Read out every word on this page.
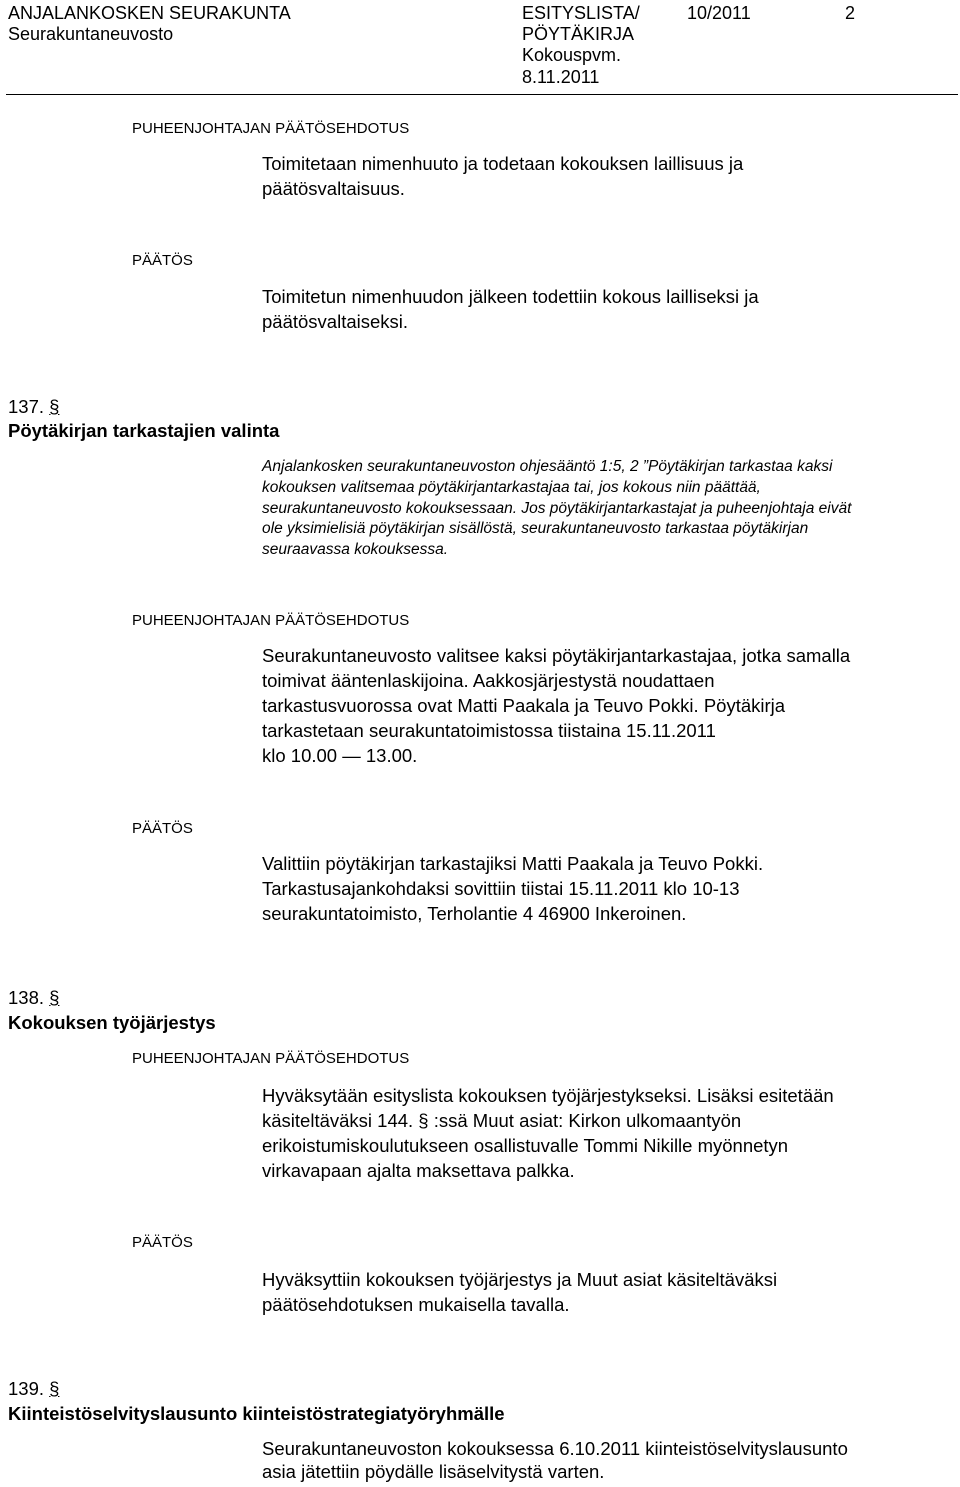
ANJALANKOSKEN SEURAKUNTA
Seurakuntaneuvosto
ESITYSLISTA/
PÖYTÄKIRJA
Kokouspvm.
8.11.2011
10/2011	2
PUHEENJOHTAJAN PÄÄTÖSEHDOTUS
Toimitetaan nimenhuuto ja todetaan kokouksen laillisuus ja
päätösvaltaisuus.
PÄÄTÖS
Toimitetun nimenhuudon jälkeen todettiin kokous lailliseksi ja
päätösvaltaiseksi.
137. §
Pöytäkirjan tarkastajien valinta
Anjalankosken seurakuntaneuvoston ohjesääntö 1:5, 2 ”Pöytäkirjan tarkastaa kaksi
kokouksen valitsemaa pöytäkirjantarkastajaa tai, jos kokous niin päättää,
seurakuntaneuvosto kokouksessaan. Jos pöytäkirjantarkastajat ja puheenjohtaja eivät
ole yksimielisiä pöytäkirjan sisällöstä, seurakuntaneuvosto tarkastaa pöytäkirjan
seuraavassa kokouksessa.
PUHEENJOHTAJAN PÄÄTÖSEHDOTUS
Seurakuntaneuvosto valitsee kaksi pöytäkirjantarkastajaa, jotka samalla
toimivat ääntenlaskijoina. Aakkosjärjestystä noudattaen
tarkastusvuorossa ovat Matti Paakala ja Teuvo Pokki. Pöytäkirja
tarkastetaan seurakuntatoimistossa tiistaina 15.11.2011
klo 10.00 — 13.00.
PÄÄTÖS
Valittiin pöytäkirjan tarkastajiksi Matti Paakala ja Teuvo Pokki.
Tarkastusajankohdaksi sovittiin tiistai 15.11.2011 klo 10-13
seurakuntatoimisto, Terholantie 4 46900 Inkeroinen.
138. §
Kokouksen työjärjestys
PUHEENJOHTAJAN PÄÄTÖSEHDOTUS
Hyväksytään esityslista kokouksen työjärjestykseksi. Lisäksi esitetään
käsiteltäväksi 144. § :ssä Muut asiat: Kirkon ulkomaantyön
erikoistumiskoulutukseen osallistuvalle Tommi Nikille myönnetyn
virkavapaan ajalta maksettava palkka.
PÄÄTÖS
Hyväksyttiin kokouksen työjärjestys ja Muut asiat käsiteltäväksi
päätösehdotuksen mukaisella tavalla.
139. §
Kiinteistöselvityslausunto kiinteistöstrategiatyöryhmälle
Seurakuntaneuvoston kokouksessa 6.10.2011 kiinteistöselvityslausunto
asia jätettiin pöydälle lisäselvitystä varten.
